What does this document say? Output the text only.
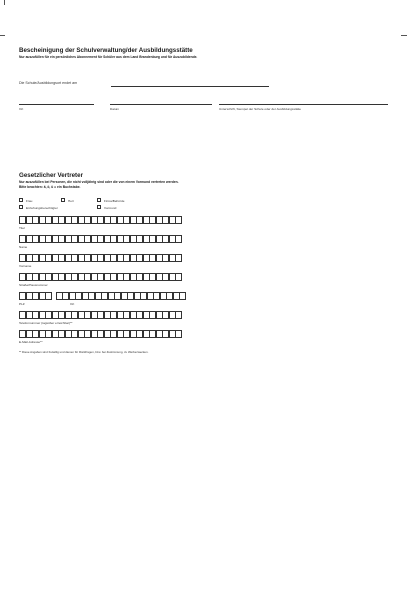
Bescheinigung der Schulverwaltung/der Ausbildungsstätte
Nur auszufüllen für ein persönliches Abonnement für Schüler aus dem Land Brandenburg und für Auszubildende.
Die Schule/Ausbildungsort endet am
Ort	Datum	Unterschrift, Stempel der Schule oder der Ausbildungsstätte
Gesetzlicher Vertreter
Nur auszufüllen bei Personen, die nicht volljährig sind oder die von einem Vormund vertreten werden.
Bitte beachten: ä, ö, ü = ein Buchstabe.
Frau	Herr	Firma/Behörde
Erziehungsberechtigter	Vormund
Titel
Name
Vorname
Straße/Hausnummer
PLZ	Ort
Telefonnummer (tagsüber erreichbar)**
E-Mail-Adresse**
** Diese Angaben sind freiwillig und dienen für Rückfragen, bzw. bei Zustimmung, zu Werbezwecken.
